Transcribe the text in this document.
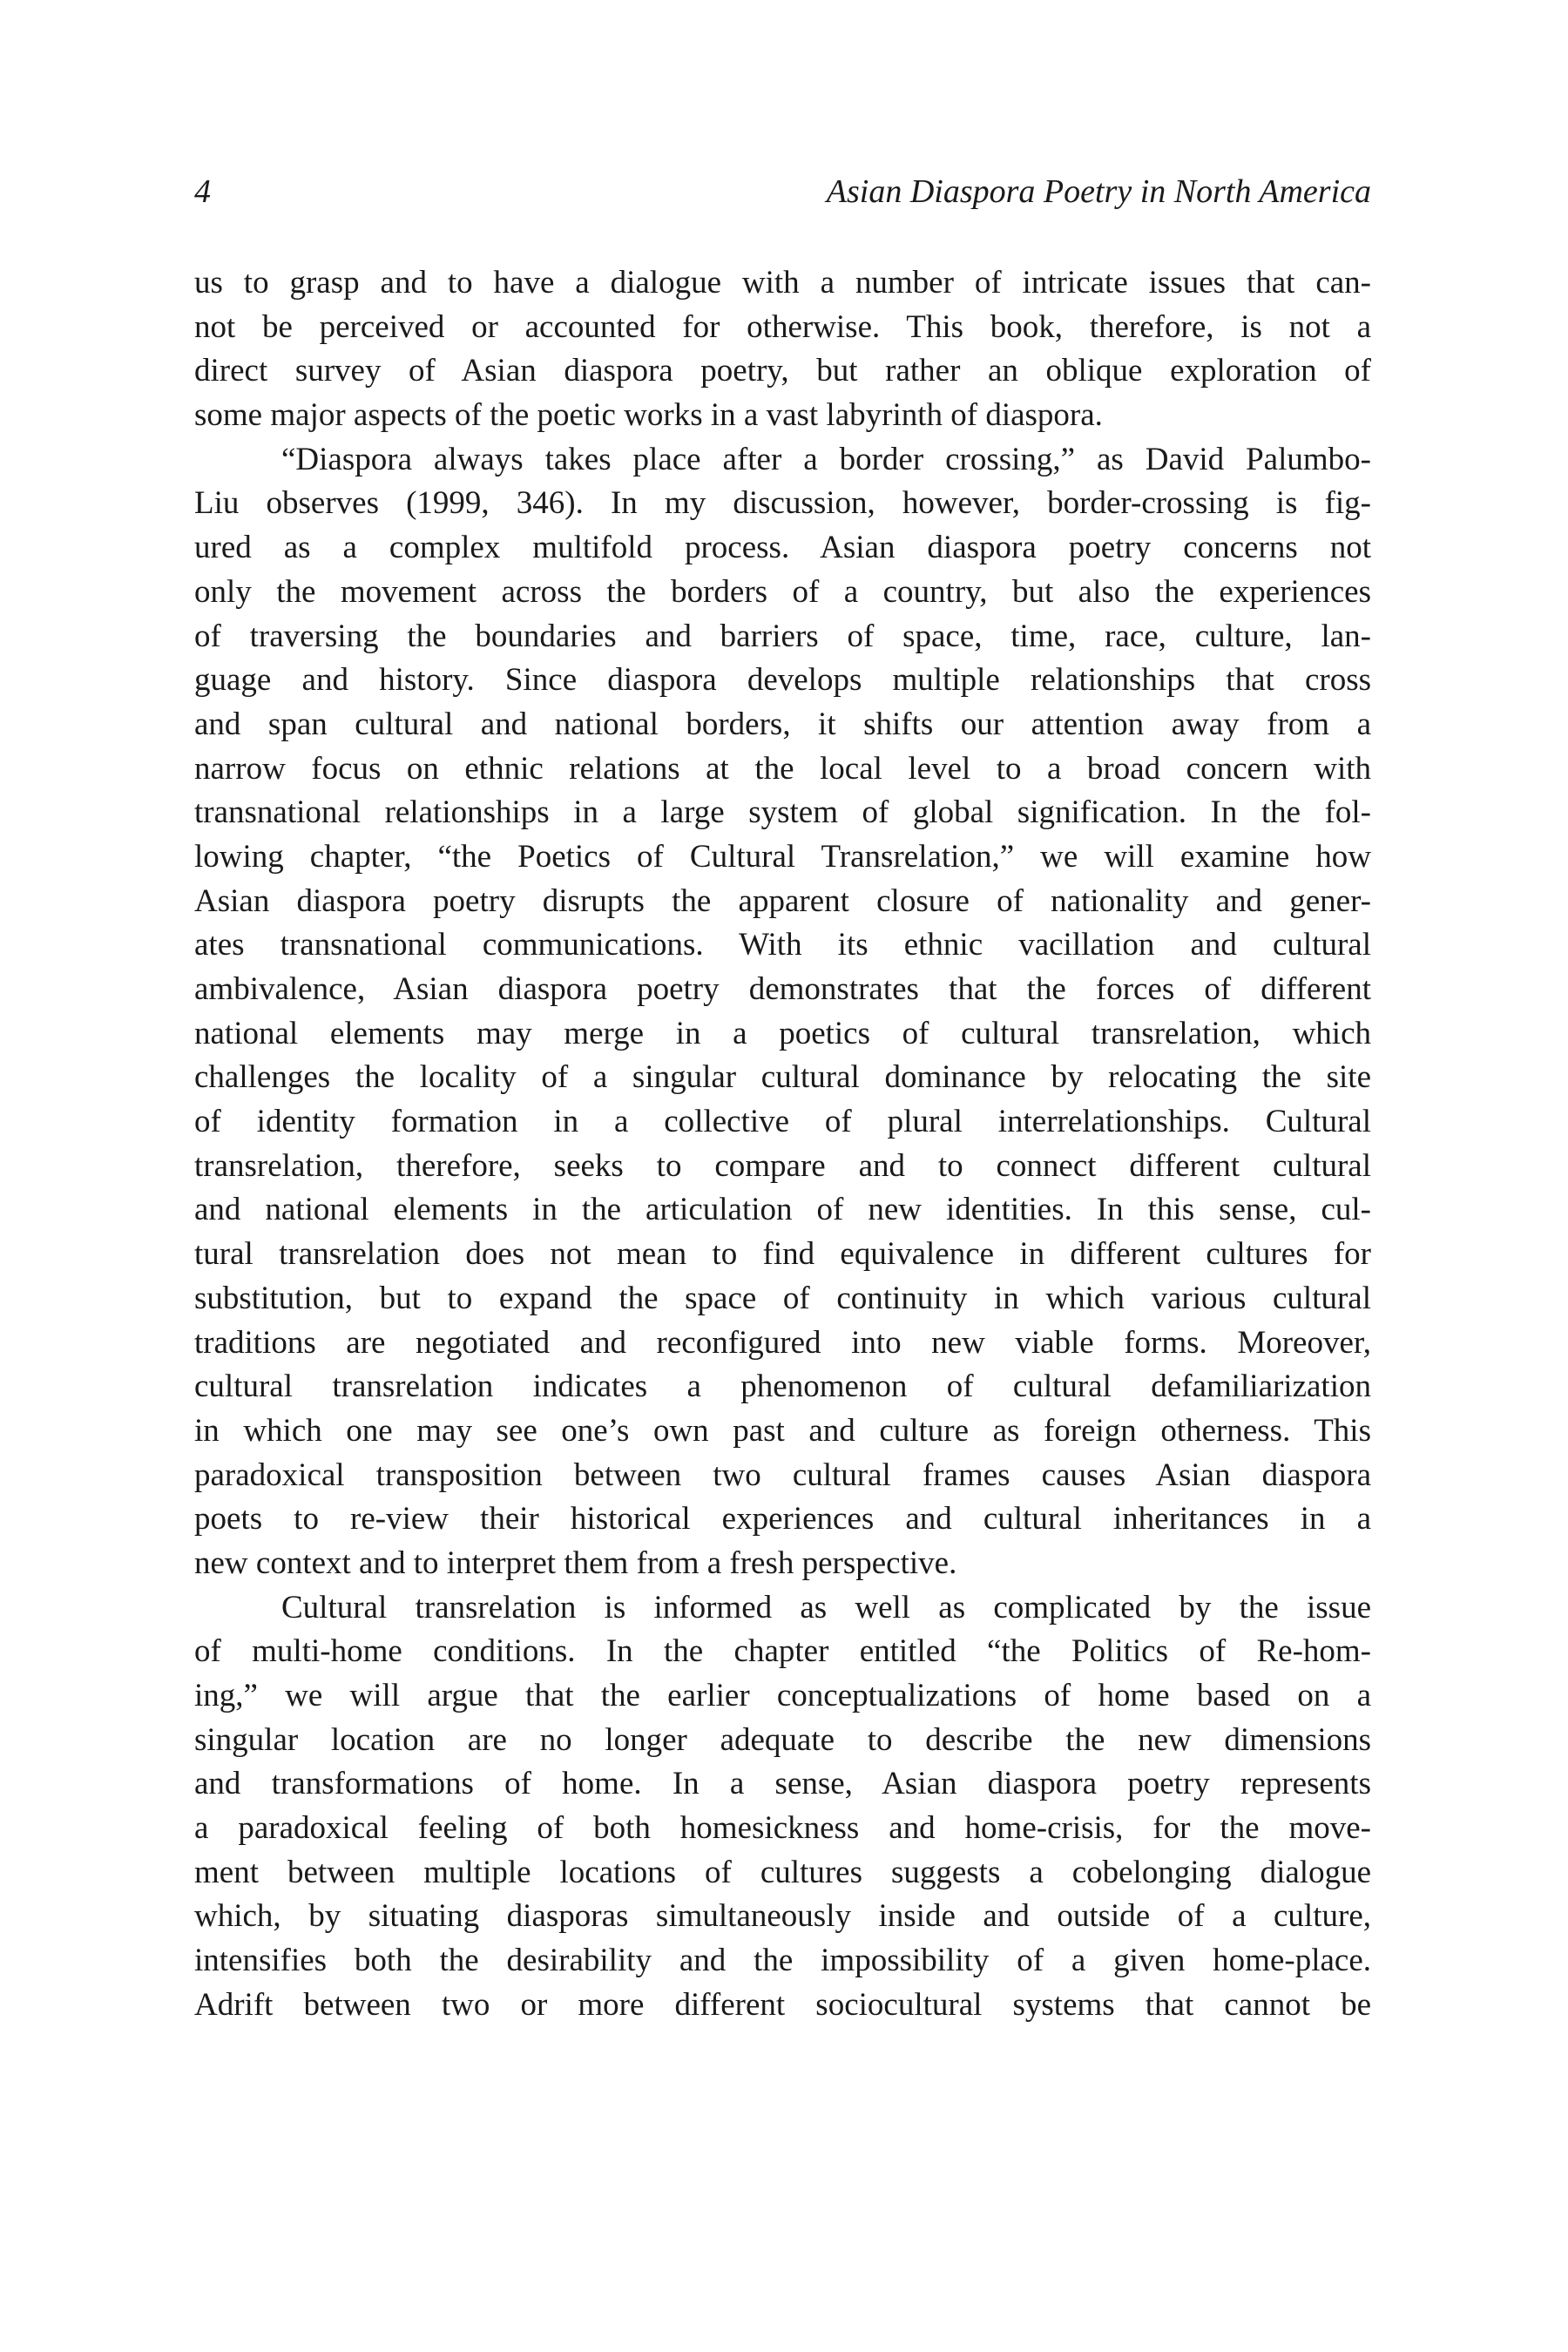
4	Asian Diaspora Poetry in North America
us to grasp and to have a dialogue with a number of intricate issues that can-
not be perceived or accounted for otherwise. This book, therefore, is not a
direct survey of Asian diaspora poetry, but rather an oblique exploration of
some major aspects of the poetic works in a vast labyrinth of diaspora.
“Diaspora always takes place after a border crossing,” as David Palumbo-
Liu observes (1999, 346). In my discussion, however, border-crossing is fig-
ured as a complex multifold process. Asian diaspora poetry concerns not
only the movement across the borders of a country, but also the experiences
of traversing the boundaries and barriers of space, time, race, culture, lan-
guage and history. Since diaspora develops multiple relationships that cross
and span cultural and national borders, it shifts our attention away from a
narrow focus on ethnic relations at the local level to a broad concern with
transnational relationships in a large system of global signification. In the fol-
lowing chapter, “the Poetics of Cultural Transrelation,” we will examine how
Asian diaspora poetry disrupts the apparent closure of nationality and gener-
ates transnational communications. With its ethnic vacillation and cultural
ambivalence, Asian diaspora poetry demonstrates that the forces of different
national elements may merge in a poetics of cultural transrelation, which
challenges the locality of a singular cultural dominance by relocating the site
of identity formation in a collective of plural interrelationships. Cultural
transrelation, therefore, seeks to compare and to connect different cultural
and national elements in the articulation of new identities. In this sense, cul-
tural transrelation does not mean to find equivalence in different cultures for
substitution, but to expand the space of continuity in which various cultural
traditions are negotiated and reconfigured into new viable forms. Moreover,
cultural transrelation indicates a phenomenon of cultural defamiliarization
in which one may see one’s own past and culture as foreign otherness. This
paradoxical transposition between two cultural frames causes Asian diaspora
poets to re-view their historical experiences and cultural inheritances in a
new context and to interpret them from a fresh perspective.
Cultural transrelation is informed as well as complicated by the issue
of multi-home conditions. In the chapter entitled “the Politics of Re-hom-
ing,” we will argue that the earlier conceptualizations of home based on a
singular location are no longer adequate to describe the new dimensions
and transformations of home. In a sense, Asian diaspora poetry represents
a paradoxical feeling of both homesickness and home-crisis, for the move-
ment between multiple locations of cultures suggests a cobelonging dialogue
which, by situating diasporas simultaneously inside and outside of a culture,
intensifies both the desirability and the impossibility of a given home-place.
Adrift between two or more different sociocultural systems that cannot be
